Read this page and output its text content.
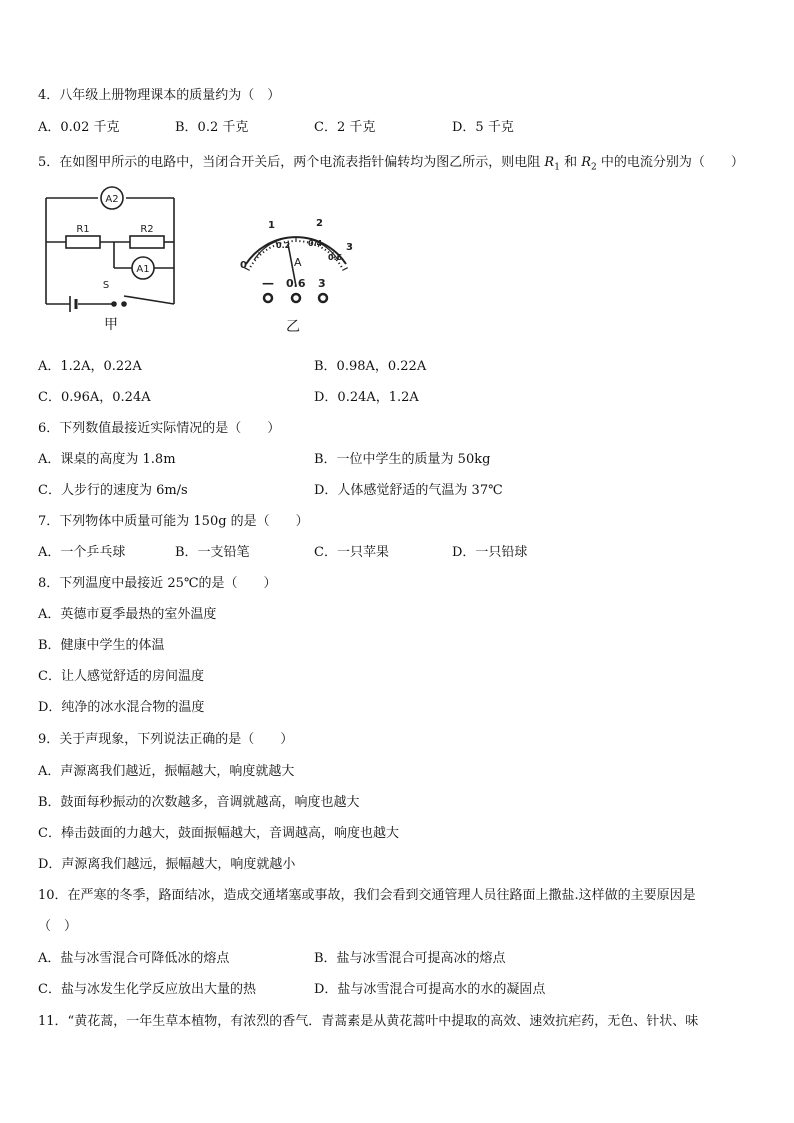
4．八年级上册物理课本的质量约为（　）
A．0.02 千克	B．0.2 千克	C．2 千克	D．5 千克
5．在如图甲所示的电路中，当闭合开关后，两个电流表指针偏转均为图乙所示，则电阻 $R_1$ 和 $R_2$ 中的电流分别为（　　）
A2
A1
R1	R2
S
0
1	2
3
0.2 0.4
0.6
A
— 0.6 3
甲	乙
A．1.2A，0.22A	B．0.98A，0.22A
C．0.96A，0.24A	D．0.24A，1.2A
6．下列数值最接近实际情况的是（　　）
A．课桌的高度为 1.8m	B．一位中学生的质量为 50kg
C．人步行的速度为 6m/s	D．人体感觉舒适的气温为 37℃
7．下列物体中质量可能为 150g 的是（　　）
A．一个乒乓球	B．一支铅笔	C．一只苹果	D．一只铅球
8．下列温度中最接近 25℃的是（　　）
A．英德市夏季最热的室外温度
B．健康中学生的体温
C．让人感觉舒适的房间温度
D．纯净的冰水混合物的温度
9．关于声现象，下列说法正确的是（　　）
A．声源离我们越近，振幅越大，响度就越大
B．鼓面每秒振动的次数越多，音调就越高，响度也越大
C．棒击鼓面的力越大，鼓面振幅越大，音调越高，响度也越大
D．声源离我们越远，振幅越大，响度就越小
10．在严寒的冬季，路面结冰，造成交通堵塞或事故，我们会看到交通管理人员往路面上撒盐.这样做的主要原因是
（　）
A．盐与冰雪混合可降低冰的熔点	B．盐与冰雪混合可提高冰的熔点
C．盐与冰发生化学反应放出大量的热	D．盐与冰雪混合可提高水的水的凝固点
11．“黄花蒿，一年生草本植物，有浓烈的香气．青蒿素是从黄花蒿叶中提取的高效、速效抗疟药，无色、针状、味
